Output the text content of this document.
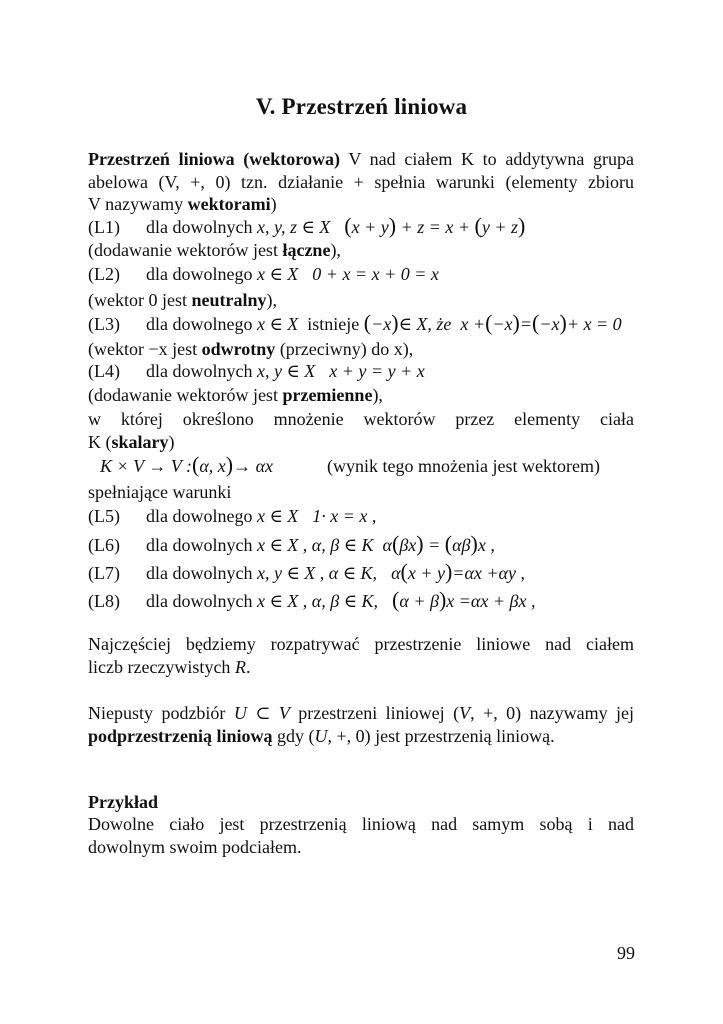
V. Przestrzeń liniowa
Przestrzeń liniowa (wektorowa) V nad ciałem K to addytywna grupa
abelowa (V, +, 0) tzn. działanie + spełnia warunki (elementy zbioru
V nazywamy wektorami)
(L1) dla dowolnych x, y, z ∈ X (x + y) + z = x + (y + z)
(dodawanie wektorów jest łączne),
(L2) dla dowolnego x ∈ X 0 + x = x + 0 = x
(wektor 0 jest neutralny),
(L3) dla dowolnego x ∈ X istnieje (−x)∈ X, że x +(−x)=(−x)+ x = 0
(wektor −x jest odwrotny (przeciwny) do x),
(L4) dla dowolnych x, y ∈ X x + y = y + x
(dodawanie wektorów jest przemienne),
w której określono mnożenie wektorów przez elementy ciała
K (skalary)
K × V → V :(α, x)→ αx	(wynik tego mnożenia jest wektorem)
spełniające warunki
(L5) dla dowolnego x ∈ X 1· x = x ,
(L6) dla dowolnych x ∈ X , α, β ∈ K α(βx) = (αβ)x ,
(L7) dla dowolnych x, y ∈ X , α ∈ K, α(x + y)=αx +αy ,
(L8) dla dowolnych x ∈ X , α, β ∈ K, (α + β)x =αx + βx ,
Najczęściej będziemy rozpatrywać przestrzenie liniowe nad ciałem
liczb rzeczywistych R.
Niepusty podzbiór U ⊂ V przestrzeni liniowej (V, +, 0) nazywamy jej
podprzestrzenią liniową gdy (U, +, 0) jest przestrzenią liniową.
Przykład
Dowolne ciało jest przestrzenią liniową nad samym sobą i nad
dowolnym swoim podciałem.
99
